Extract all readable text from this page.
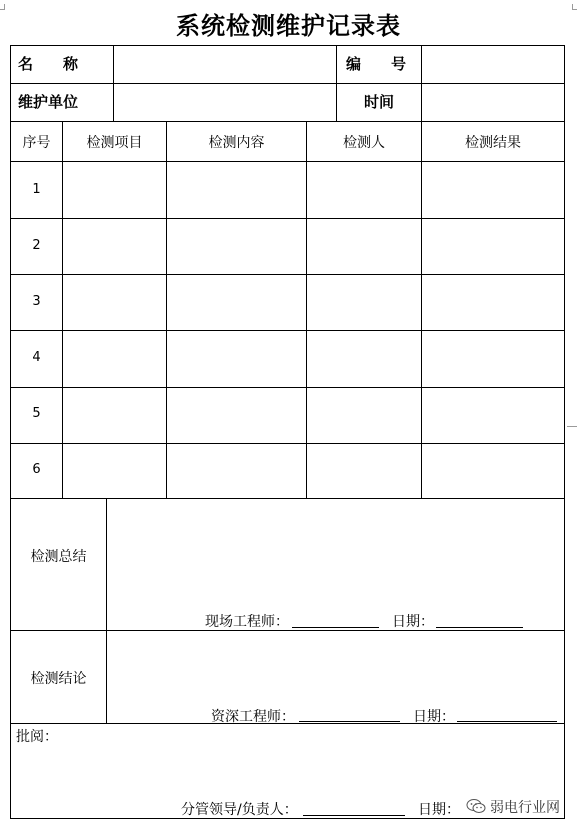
系统检测维护记录表
名　　称	编　　号
维护单位	时间
序号	检测项目	检测内容	检测人	检测结果
1
2
3
4
5
6
检测总结
现场工程师：	日期：
检测结论
资深工程师：	日期：
批阅：
分管领导/负责人：	日期： 弱电行业网
